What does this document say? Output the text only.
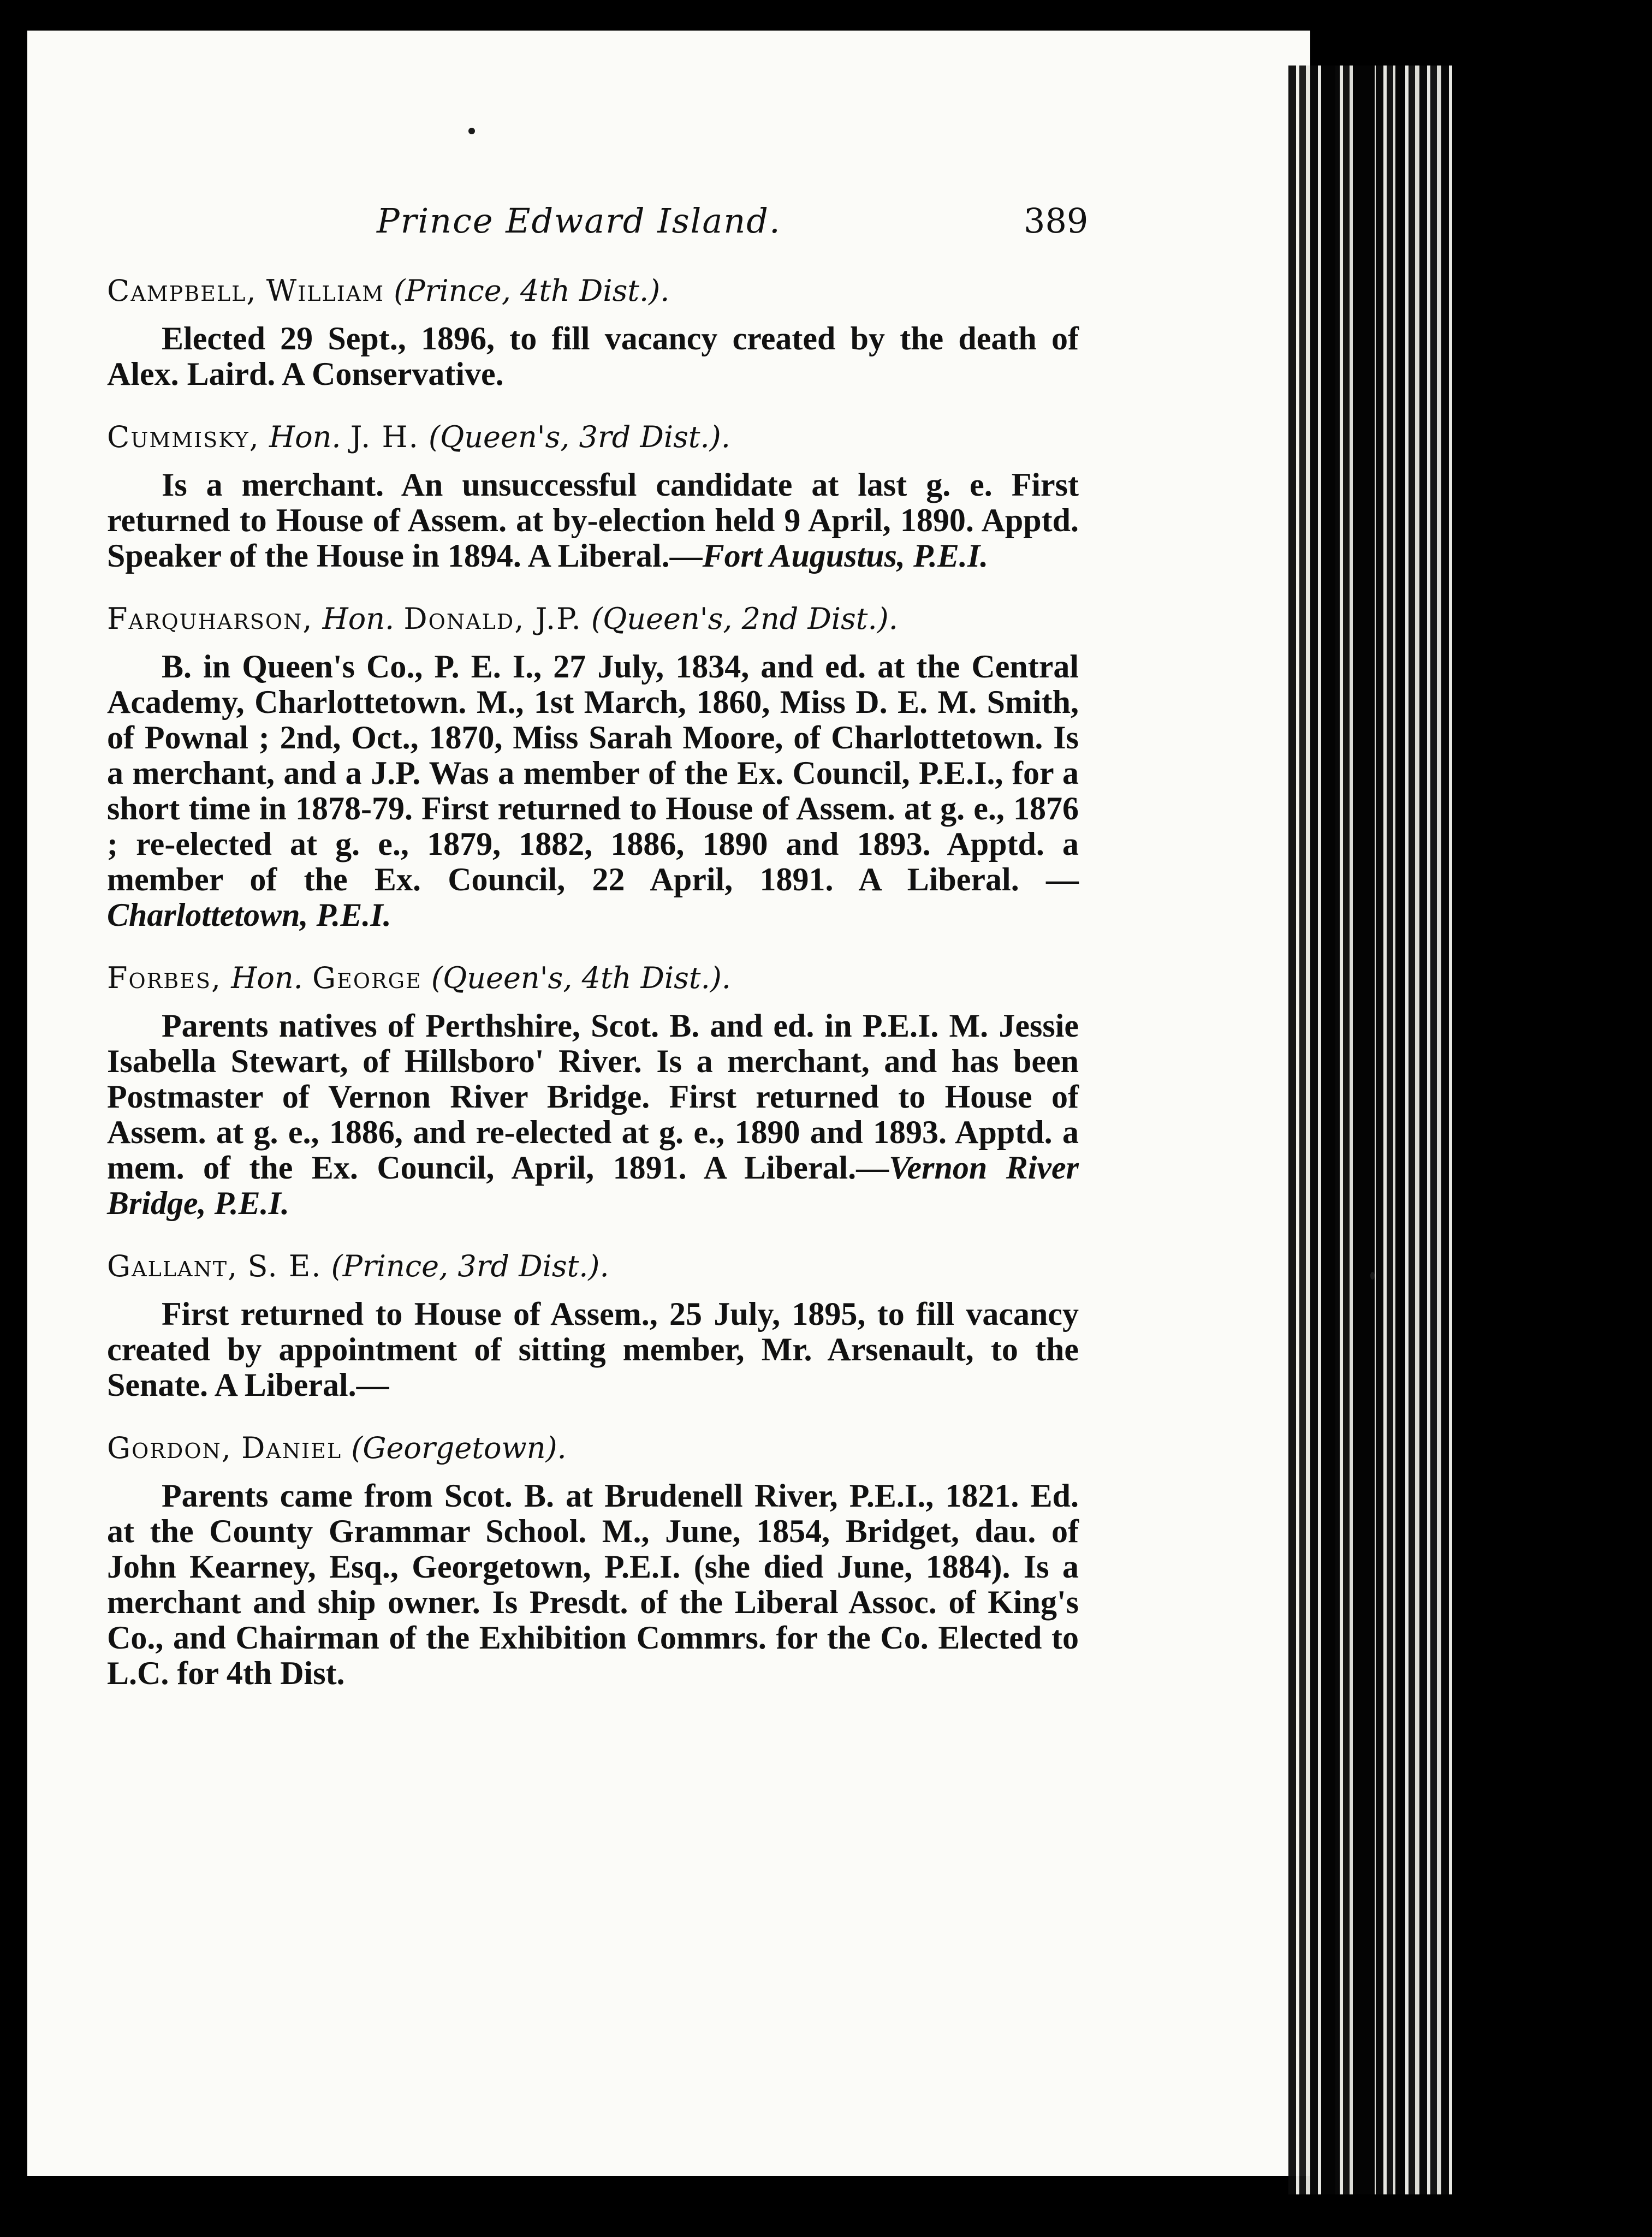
Prince Edward Island.	389
Campbell, William (Prince, 4th Dist.).
Elected 29 Sept., 1896, to fill vacancy created by the death of Alex. Laird. A Conservative.
Cummisky, Hon. J. H. (Queen's, 3rd Dist.).
Is a merchant. An unsuccessful candidate at last g. e. First returned to House of Assem. at by-election held 9 April, 1890. Apptd. Speaker of the House in 1894. A Liberal.—Fort Augustus, P.E.I.
Farquharson, Hon. Donald, J.P. (Queen's, 2nd Dist.).
B. in Queen's Co., P. E. I., 27 July, 1834, and ed. at the Central Academy, Charlottetown. M., 1st March, 1860, Miss D. E. M. Smith, of Pownal ; 2nd, Oct., 1870, Miss Sarah Moore, of Charlottetown. Is a merchant, and a J.P. Was a member of the Ex. Council, P.E.I., for a short time in 1878-79. First returned to House of Assem. at g. e., 1876 ; re-elected at g. e., 1879, 1882, 1886, 1890 and 1893. Apptd. a member of the Ex. Council, 22 April, 1891. A Liberal. —Charlottetown, P.E.I.
Forbes, Hon. George (Queen's, 4th Dist.).
Parents natives of Perthshire, Scot. B. and ed. in P.E.I. M. Jessie Isabella Stewart, of Hillsboro' River. Is a merchant, and has been Postmaster of Vernon River Bridge. First returned to House of Assem. at g. e., 1886, and re-elected at g. e., 1890 and 1893. Apptd. a mem. of the Ex. Council, April, 1891. A Liberal.—Vernon River Bridge, P.E.I.
Gallant, S. E. (Prince, 3rd Dist.).
First returned to House of Assem., 25 July, 1895, to fill vacancy created by appointment of sitting member, Mr. Arsenault, to the Senate. A Liberal.—
Gordon, Daniel (Georgetown).
Parents came from Scot. B. at Brudenell River, P.E.I., 1821. Ed. at the County Grammar School. M., June, 1854, Bridget, dau. of John Kearney, Esq., Georgetown, P.E.I. (she died June, 1884). Is a merchant and ship owner. Is Presdt. of the Liberal Assoc. of King's Co., and Chairman of the Exhibition Commrs. for the Co. Elected to L.C. for 4th Dist.
